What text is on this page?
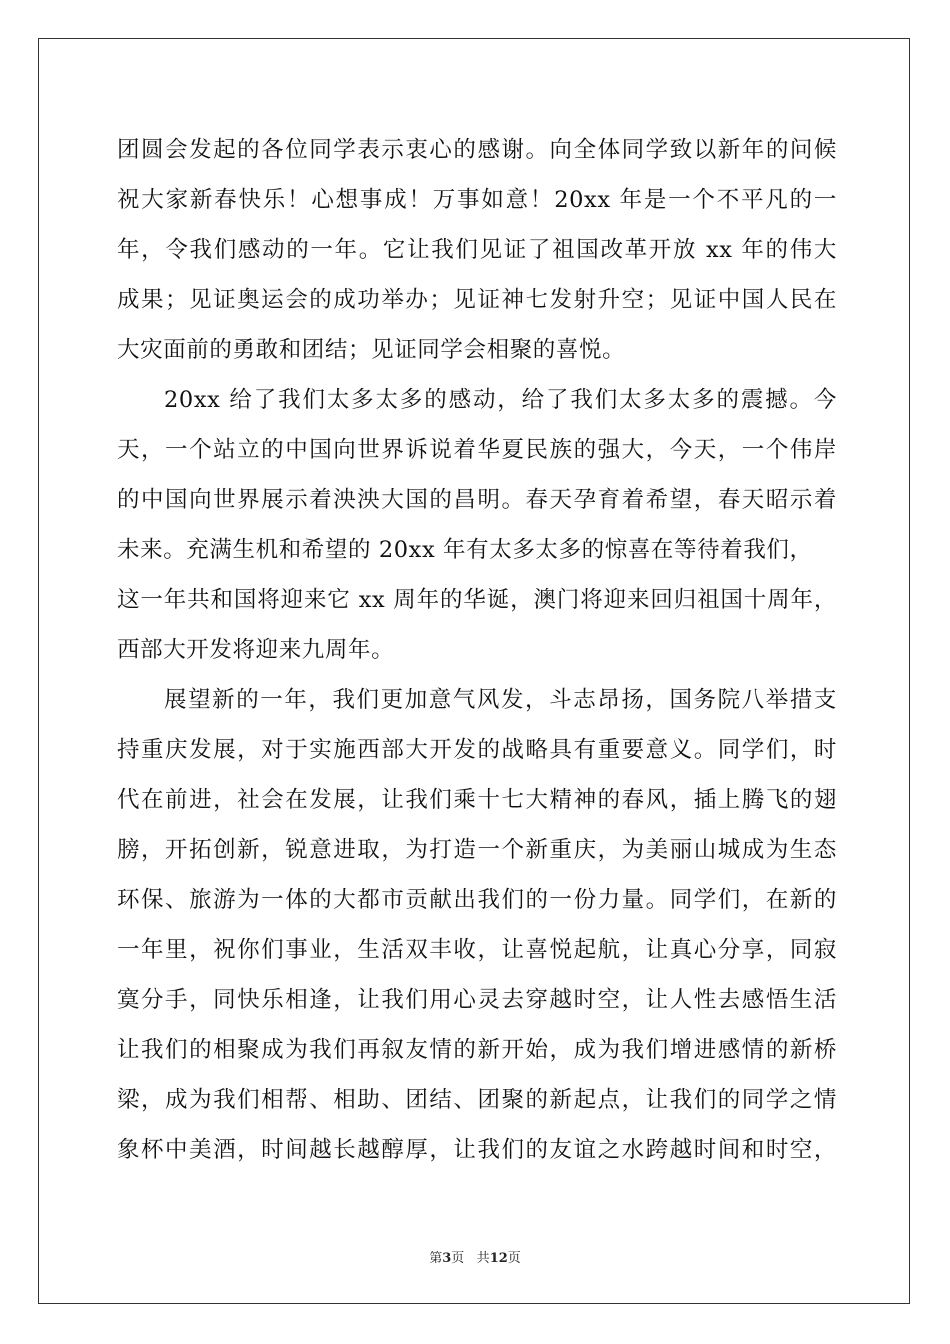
团圆会发起的各位同学表示衷心的感谢。向全体同学致以新年的问候
祝大家新春快乐！心想事成！万事如意！20xx 年是一个不平凡的一
年，令我们感动的一年。它让我们见证了祖国改革开放 xx 年的伟大
成果；见证奥运会的成功举办；见证神七发射升空；见证中国人民在
大灾面前的勇敢和团结；见证同学会相聚的喜悦。
20xx 给了我们太多太多的感动，给了我们太多太多的震撼。今
天，一个站立的中国向世界诉说着华夏民族的强大，今天，一个伟岸
的中国向世界展示着泱泱大国的昌明。春天孕育着希望，春天昭示着
未来。充满生机和希望的 20xx 年有太多太多的惊喜在等待着我们，
这一年共和国将迎来它 xx 周年的华诞，澳门将迎来回归祖国十周年，
西部大开发将迎来九周年。
展望新的一年，我们更加意气风发，斗志昂扬，国务院八举措支
持重庆发展，对于实施西部大开发的战略具有重要意义。同学们，时
代在前进，社会在发展，让我们乘十七大精神的春风，插上腾飞的翅
膀，开拓创新，锐意进取，为打造一个新重庆，为美丽山城成为生态
环保、旅游为一体的大都市贡献出我们的一份力量。同学们，在新的
一年里，祝你们事业，生活双丰收，让喜悦起航，让真心分享，同寂
寞分手，同快乐相逢，让我们用心灵去穿越时空，让人性去感悟生活
让我们的相聚成为我们再叙友情的新开始，成为我们增进感情的新桥
梁，成为我们相帮、相助、团结、团聚的新起点，让我们的同学之情
象杯中美酒，时间越长越醇厚，让我们的友谊之水跨越时间和时空，
第3页 共12页
